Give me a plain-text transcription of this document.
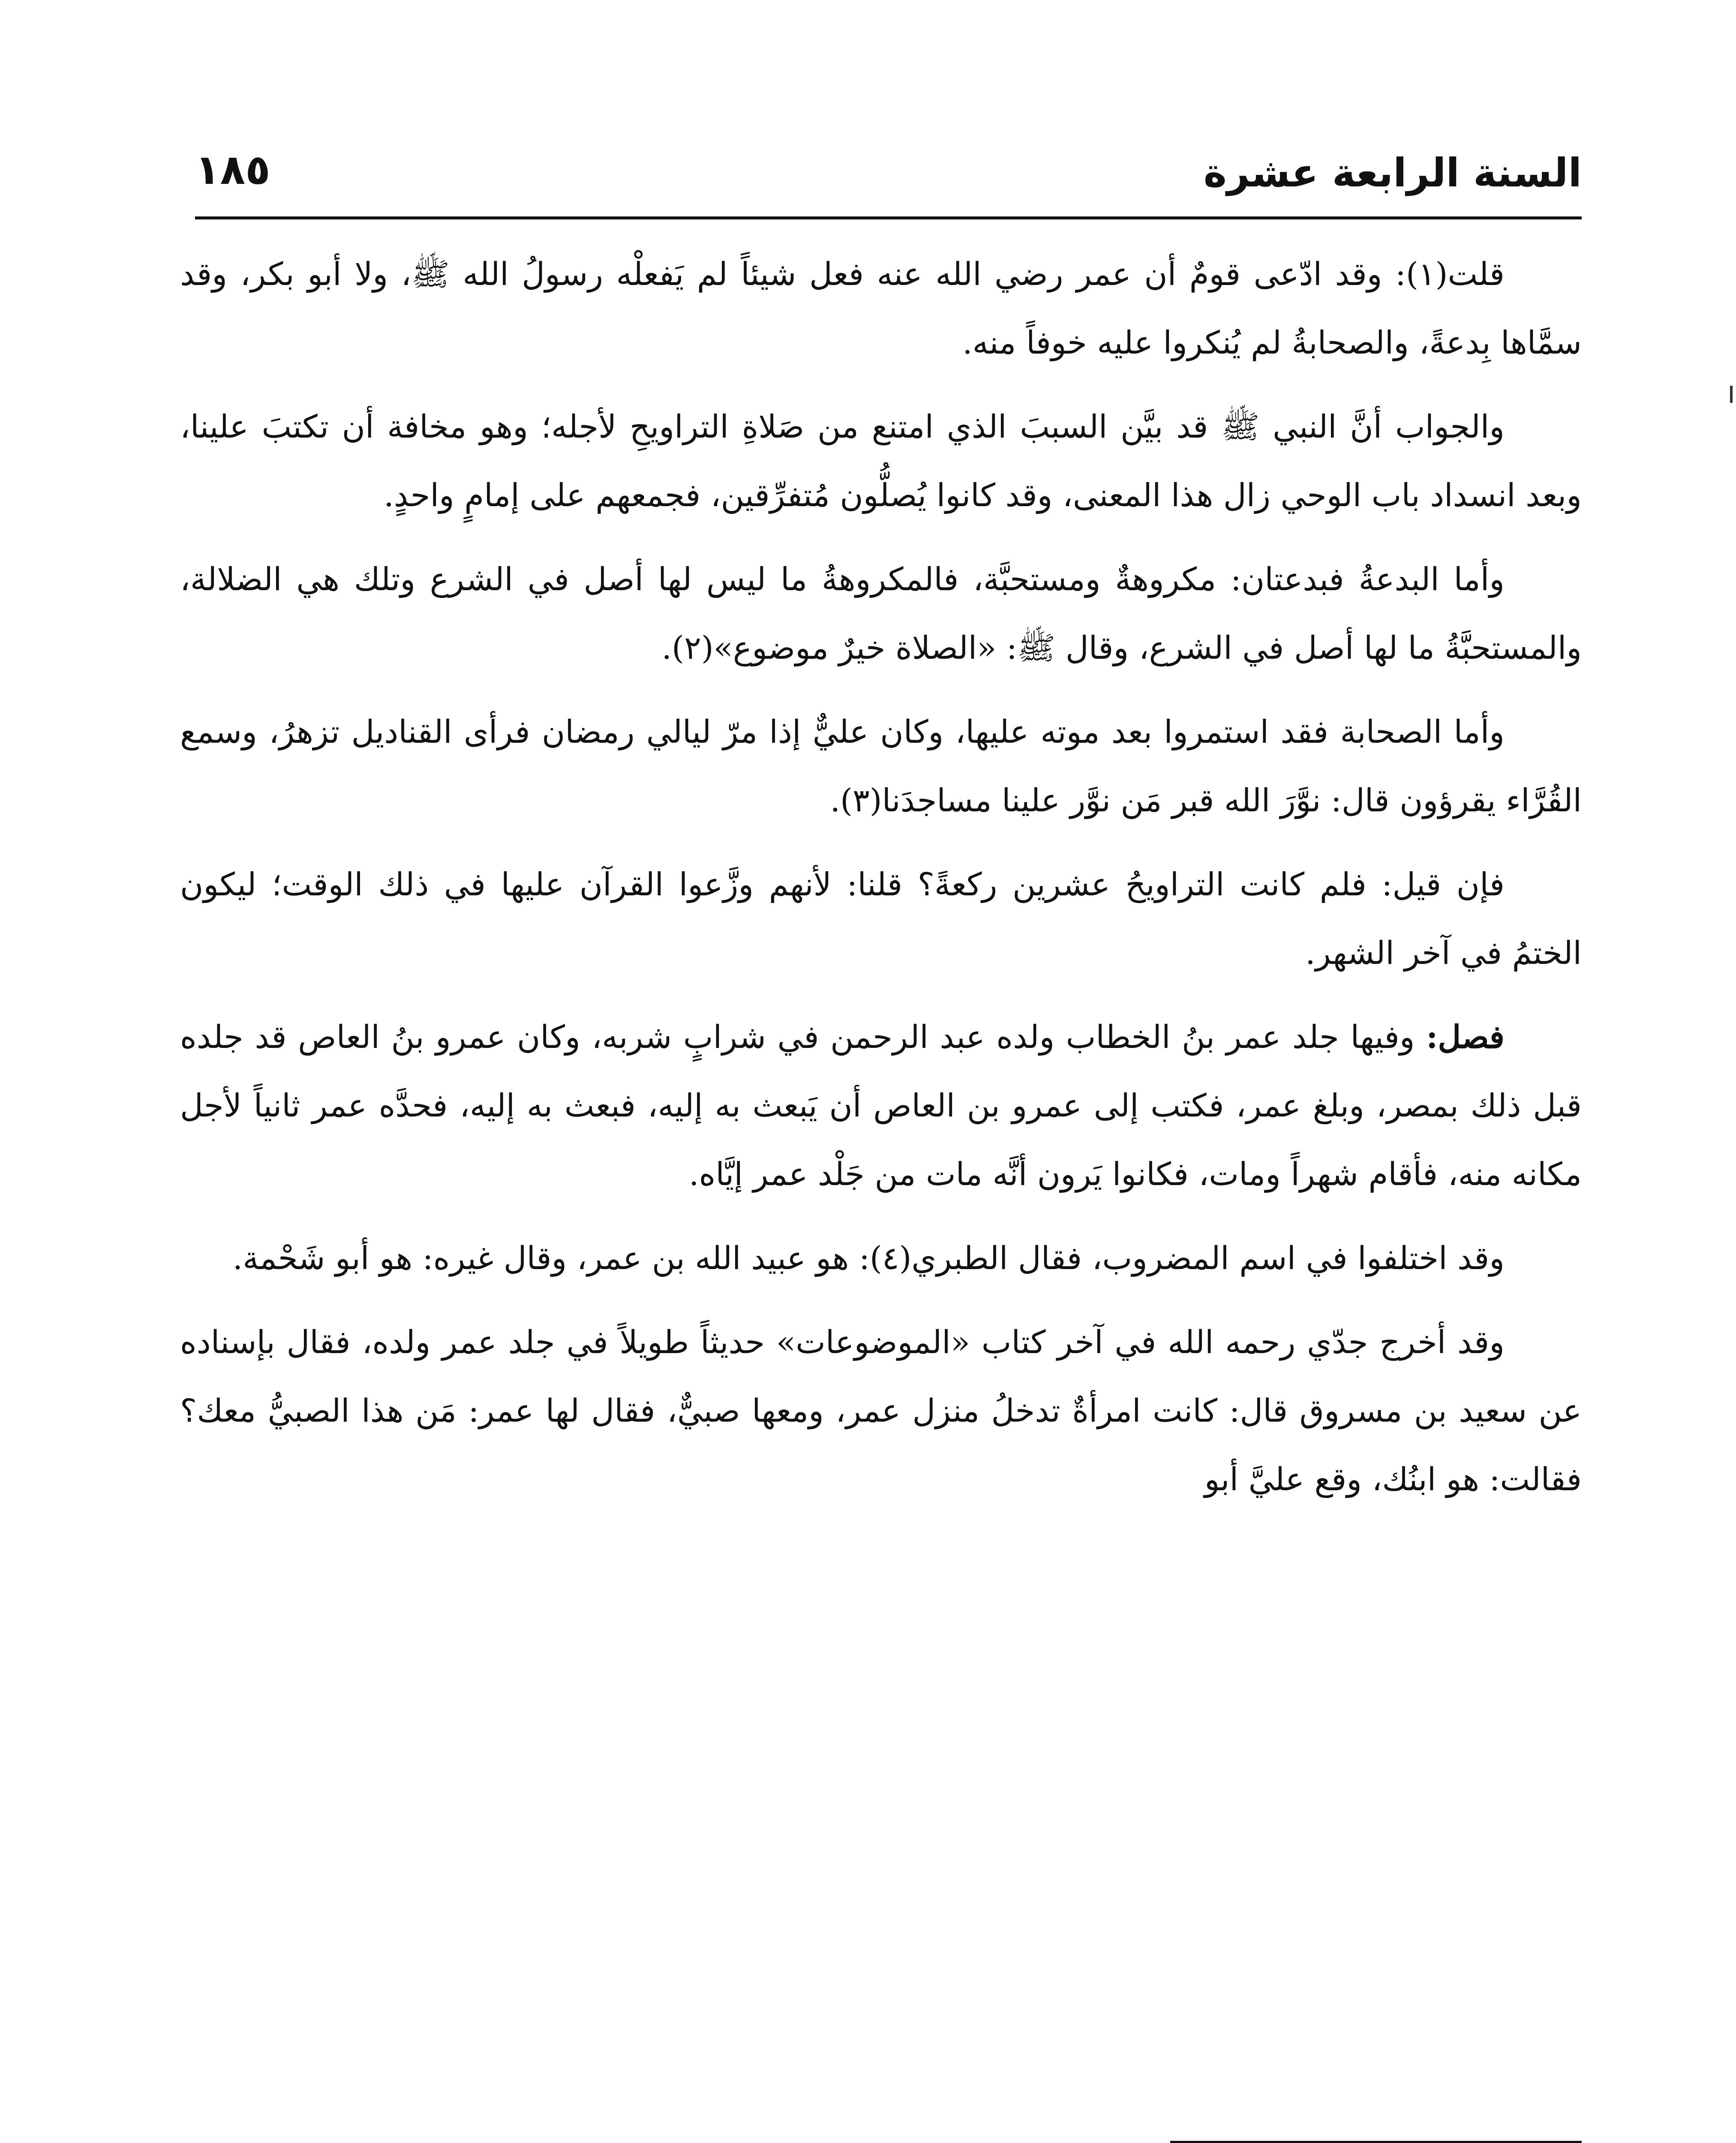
السنة الرابعة عشرة
١٨٥

قلت(١): وقد ادّعى قومٌ أن عمر رضي الله عنه فعل شيئاً لم يَفعلْه رسولُ الله ﷺ، ولا أبو بكر، وقد سمَّاها بِدعةً، والصحابةُ لم يُنكروا عليه خوفاً منه.

والجواب أنَّ النبي ﷺ قد بيَّن السببَ الذي امتنع من صَلاةِ التراويحِ لأجله؛ وهو مخافة أن تكتبَ علينا، وبعد انسداد باب الوحي زال هذا المعنى، وقد كانوا يُصلُّون مُتفرِّقين، فجمعهم على إمامٍ واحدٍ.

وأما البدعةُ فبدعتان: مكروهةٌ ومستحبَّة، فالمكروهةُ ما ليس لها أصل في الشرع وتلك هي الضلالة، والمستحبَّةُ ما لها أصل في الشرع، وقال ﷺ: «الصلاة خيرٌ موضوع»(٢).

وأما الصحابة فقد استمروا بعد موته عليها، وكان عليٌّ إذا مرّ ليالي رمضان فرأى القناديل تزهرُ، وسمع القُرَّاء يقرؤون قال: نوَّرَ الله قبر مَن نوَّر علينا مساجدَنا(٣).

فإن قيل: فلم كانت التراويحُ عشرين ركعةً؟ قلنا: لأنهم وزَّعوا القرآن عليها في ذلك الوقت؛ ليكون الختمُ في آخر الشهر.

فصل: وفيها جلد عمر بنُ الخطاب ولده عبد الرحمن في شرابٍ شربه، وكان عمرو بنُ العاص قد جلده قبل ذلك بمصر، وبلغ عمر، فكتب إلى عمرو بن العاص أن يَبعث به إليه، فبعث به إليه، فحدَّه عمر ثانياً لأجل مكانه منه، فأقام شهراً ومات، فكانوا يَرون أنَّه مات من جَلْد عمر إيَّاه.

وقد اختلفوا في اسم المضروب، فقال الطبري(٤): هو عبيد الله بن عمر، وقال غيره: هو أبو شَحْمة.

وقد أخرج جدّي رحمه الله في آخر كتاب «الموضوعات» حديثاً طويلاً في جلد عمر ولده، فقال بإسناده عن سعيد بن مسروق قال: كانت امرأةٌ تدخلُ منزل عمر، ومعها صبيٌّ، فقال لها عمر: مَن هذا الصبيُّ معك؟ فقالت: هو ابنُك، وقع عليَّ أبو
